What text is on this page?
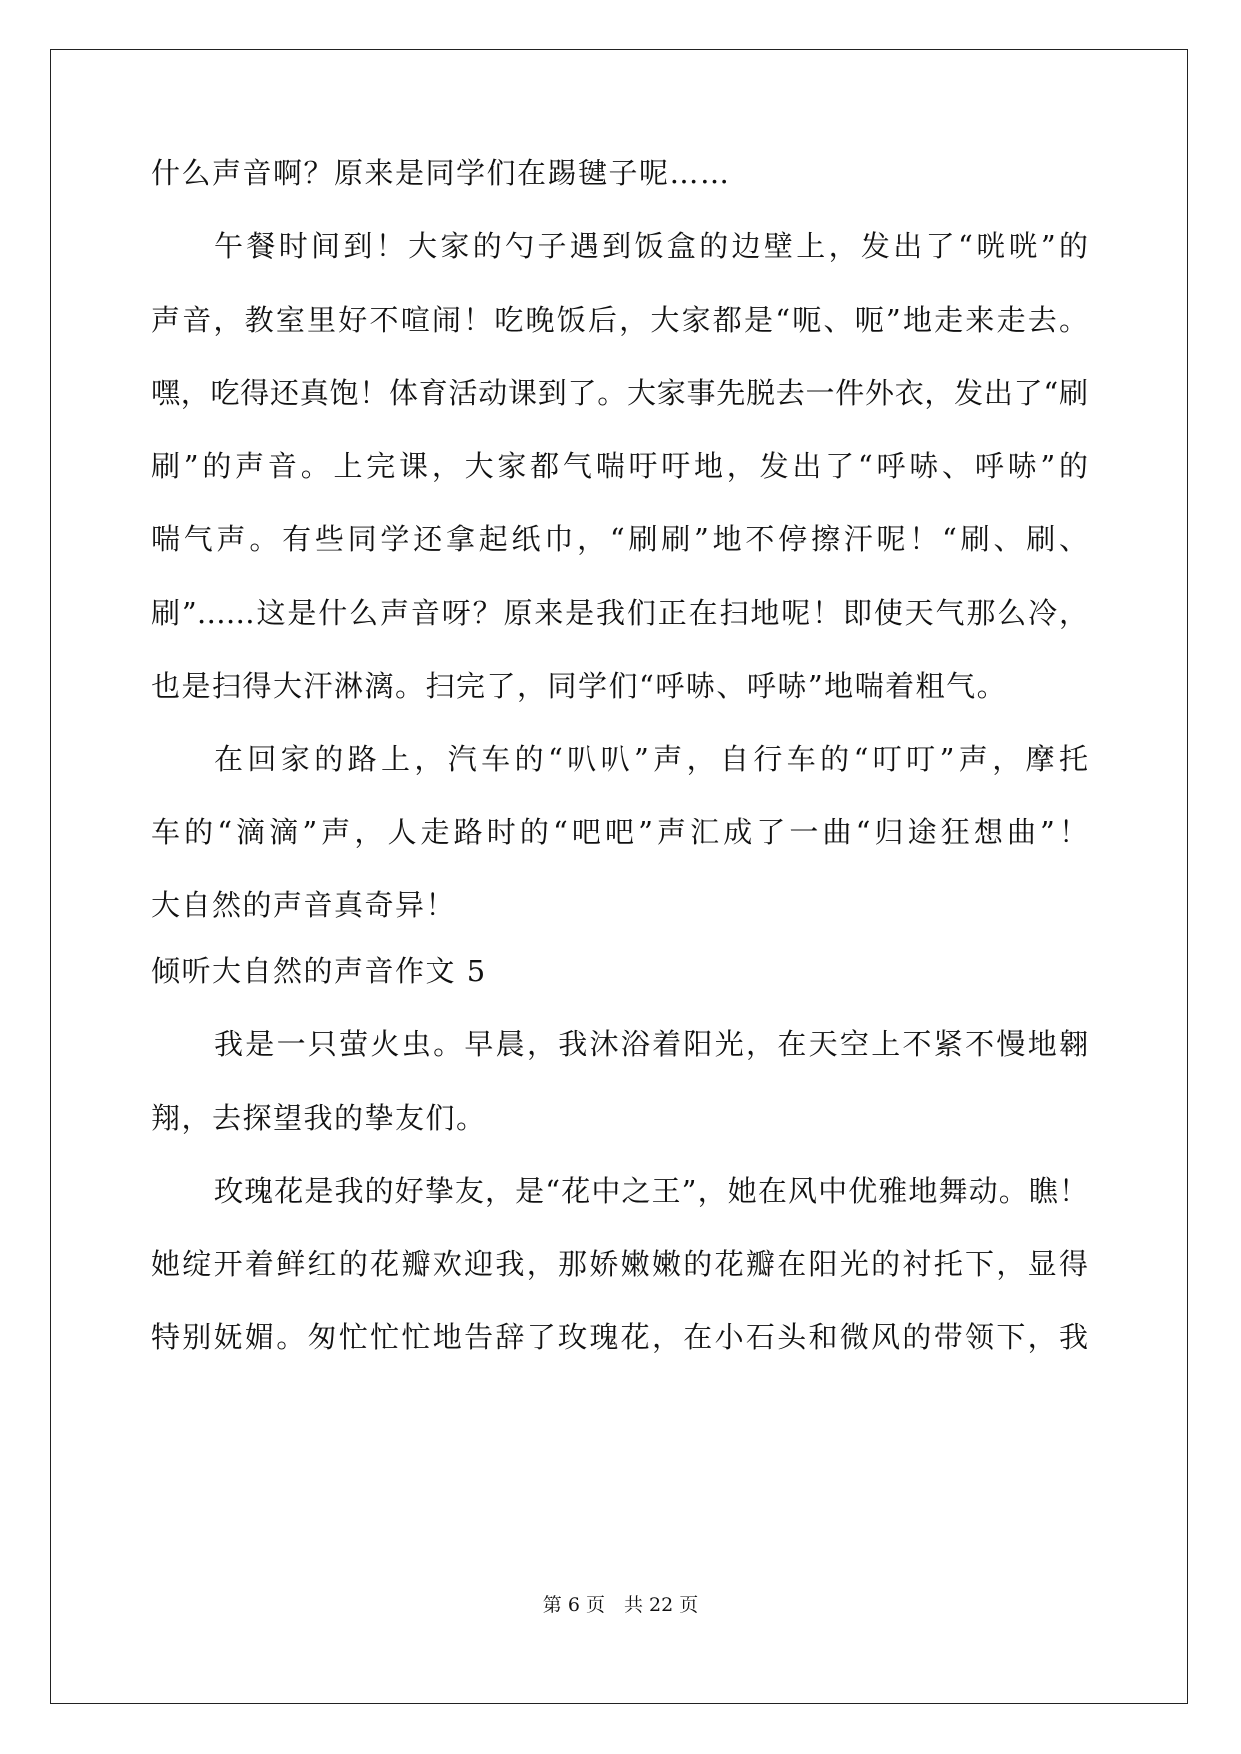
什么声音啊？原来是同学们在踢毽子呢……
午餐时间到！大家的勺子遇到饭盒的边壁上，发出了“咣咣”的
声音，教室里好不喧闹！吃晚饭后，大家都是“呃、呃”地走来走去。
嘿，吃得还真饱！体育活动课到了。大家事先脱去一件外衣，发出了“刷
刷”的声音。上完课，大家都气喘吁吁地，发出了“呼哧、呼哧”的
喘气声。有些同学还拿起纸巾，“刷刷”地不停擦汗呢！“刷、刷、
刷”……这是什么声音呀？原来是我们正在扫地呢！即使天气那么冷，
也是扫得大汗淋漓。扫完了，同学们“呼哧、呼哧”地喘着粗气。
在回家的路上，汽车的“叭叭”声，自行车的“叮叮”声，摩托
车的“滴滴”声，人走路时的“吧吧”声汇成了一曲“归途狂想曲”！
大自然的声音真奇异！
倾听大自然的声音作文 5
我是一只萤火虫。早晨，我沐浴着阳光，在天空上不紧不慢地翱
翔，去探望我的挚友们。
玫瑰花是我的好挚友，是“花中之王”，她在风中优雅地舞动。瞧！
她绽开着鲜红的花瓣欢迎我，那娇嫩嫩的花瓣在阳光的衬托下，显得
特别妩媚。匆忙忙忙地告辞了玫瑰花，在小石头和微风的带领下，我
第 6 页　共 22 页
